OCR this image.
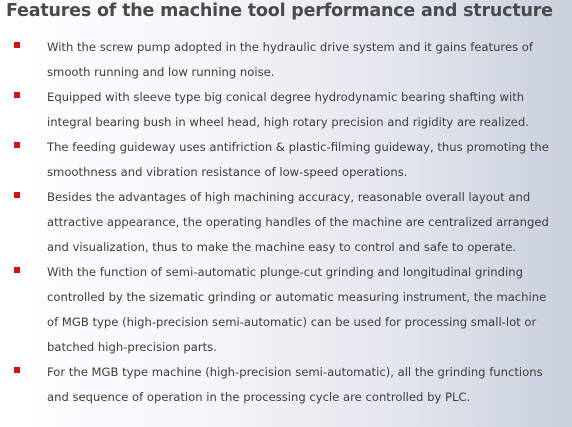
Features of the machine tool performance and structure
With the screw pump adopted in the hydraulic drive system and it gains features of smooth running and low running noise.
Equipped with sleeve type big conical degree hydrodynamic bearing shafting with integral bearing bush in wheel head, high rotary precision and rigidity are realized.
The feeding guideway uses antifriction & plastic-filming guideway, thus promoting the smoothness and vibration resistance of low-speed operations.
Besides the advantages of high machining accuracy, reasonable overall layout and attractive appearance, the operating handles of the machine are centralized arranged and visualization, thus to make the machine easy to control and safe to operate.
With the function of semi-automatic plunge-cut grinding and longitudinal grinding controlled by the sizematic grinding or automatic measuring instrument, the machine of MGB type (high-precision semi-automatic) can be used for processing small-lot or batched high-precision parts.
For the MGB type machine (high-precision semi-automatic), all the grinding functions and sequence of operation in the processing cycle are controlled by PLC.
